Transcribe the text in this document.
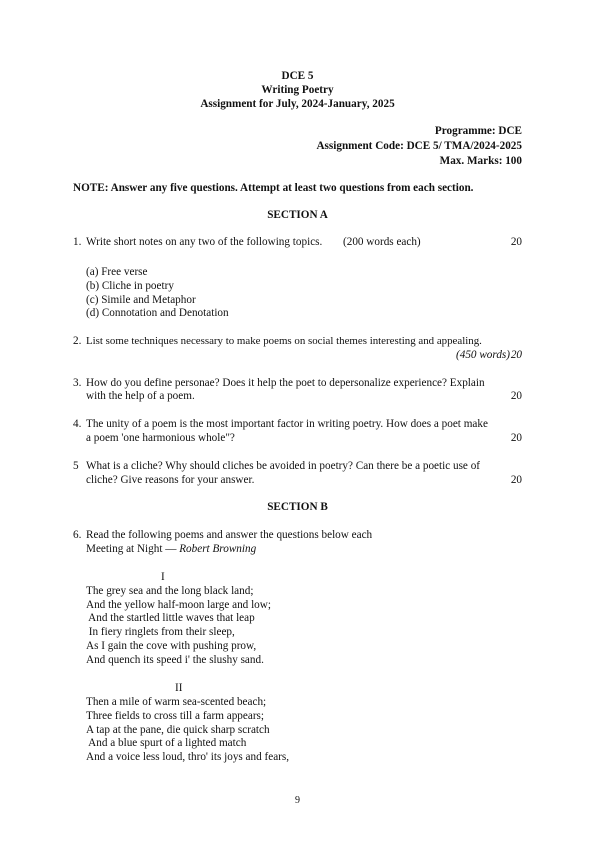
DCE 5
Writing Poetry
Assignment for July, 2024-January, 2025
Programme: DCE
Assignment Code: DCE 5/ TMA/2024-2025
Max. Marks: 100
NOTE: Answer any five questions. Attempt at least two questions from each section.
SECTION A
1. Write short notes on any two of the following topics. (200 words each)	20
(a) Free verse
(b) Cliche in poetry
(c) Simile and Metaphor
(d) Connotation and Denotation
2. List some techniques necessary to make poems on social themes interesting and appealing.
(450 words) 20
3. How do you define personae? Does it help the poet to depersonalize experience? Explain
with the help of a poem.	20
4. The unity of a poem is the most important factor in writing poetry. How does a poet make
a poem 'one harmonious whole"?	20
5 What is a cliche? Why should cliches be avoided in poetry? Can there be a poetic use of
cliche? Give reasons for your answer.	20
SECTION B
6. Read the following poems and answer the questions below each
Meeting at Night — Robert Browning
I
The grey sea and the long black land;
And the yellow half-moon large and low;
And the startled little waves that leap
In fiery ringlets from their sleep,
As I gain the cove with pushing prow,
And quench its speed i' the slushy sand.
II
Then a mile of warm sea-scented beach;
Three fields to cross till a farm appears;
A tap at the pane, die quick sharp scratch
And a blue spurt of a lighted match
And a voice less loud, thro' its joys and fears,
9
